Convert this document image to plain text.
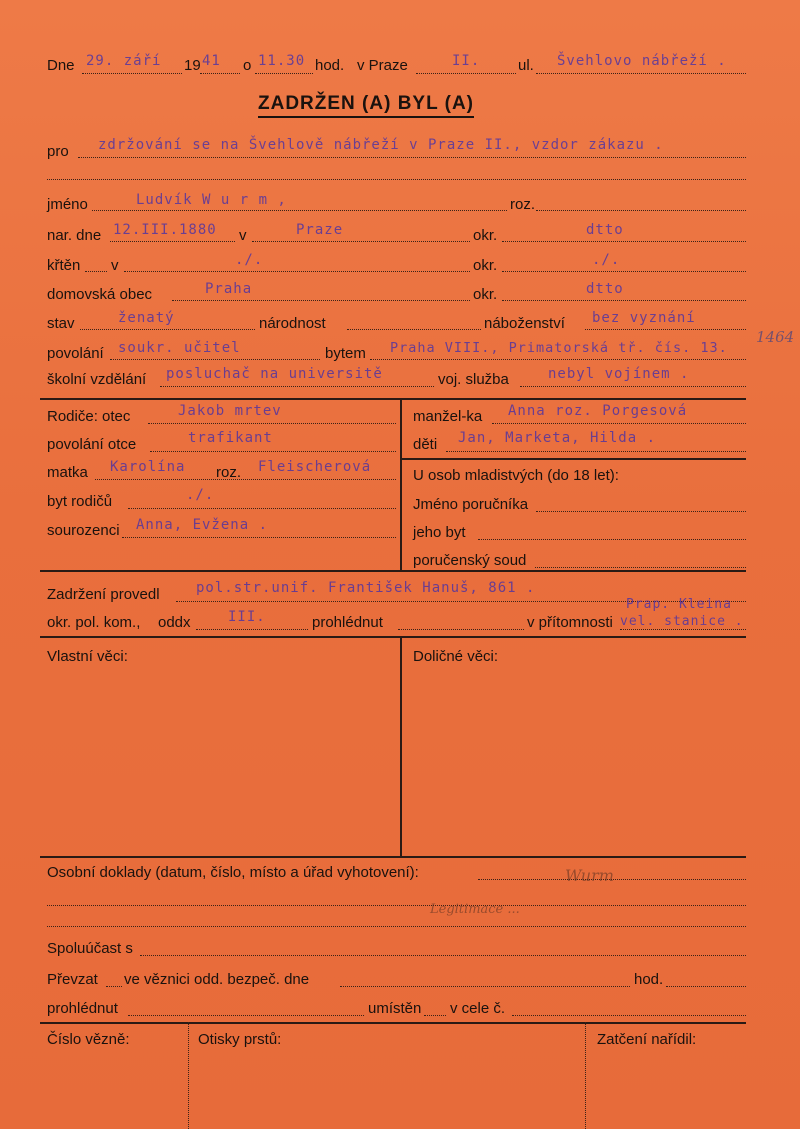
Dne 29. září 19 41 o 11.30 hod. v Praze	II.	ul. Švehlovo nábřeží .
ZADRŽEN (A) BYL (A)
pro zdržování se na Švehlově nábřeží v Praze II., vzdor zákazu .
jméno	Ludvík W u r m ,	roz.
nar. dne 12.III.1880 v	Praze	okr.	dtto
křtěn v	./.	okr.	./.
domovská obec	Praha	okr.	dtto
stav	ženatý	národnost	náboženství bez vyznání
povolání soukr. učitel	bytem Praha VIII., Primatorská tř. čís. 13.
školní vzdělání posluchač na universitě	voj. služba	nebyl vojínem .
Rodiče: otec	Jakob mrtev
povolání otce	trafikant
matka Karolína roz. Fleischerová
byt rodičů	./.
sourozenci Anna, Evžena .
manžel-ka Anna roz. Porgesová
děti Jan, Marketa, Hilda .
U osob mladistvých (do 18 let):
Jméno poručníka
jeho byt
poručenský soud
Zadržení provedl	pol.str.unif. František Hanuš, 861 .
okr. pol. kom., oddx	III.	prohlédnut	v přítomnosti
Prap. Kleina
vel. stanice .
Vlastní věci:	Doličné věci:
Osobní doklady (datum, číslo, místo a úřad vyhotovení):	Wurm
Legitimace ...
Spoluúčast s
Převzat ve věznici odd. bezpeč. dne	hod.
prohlédnut	umístěn v cele č.
Číslo vězně:	Otisky prstů:	Zatčení nařídil:
1464
